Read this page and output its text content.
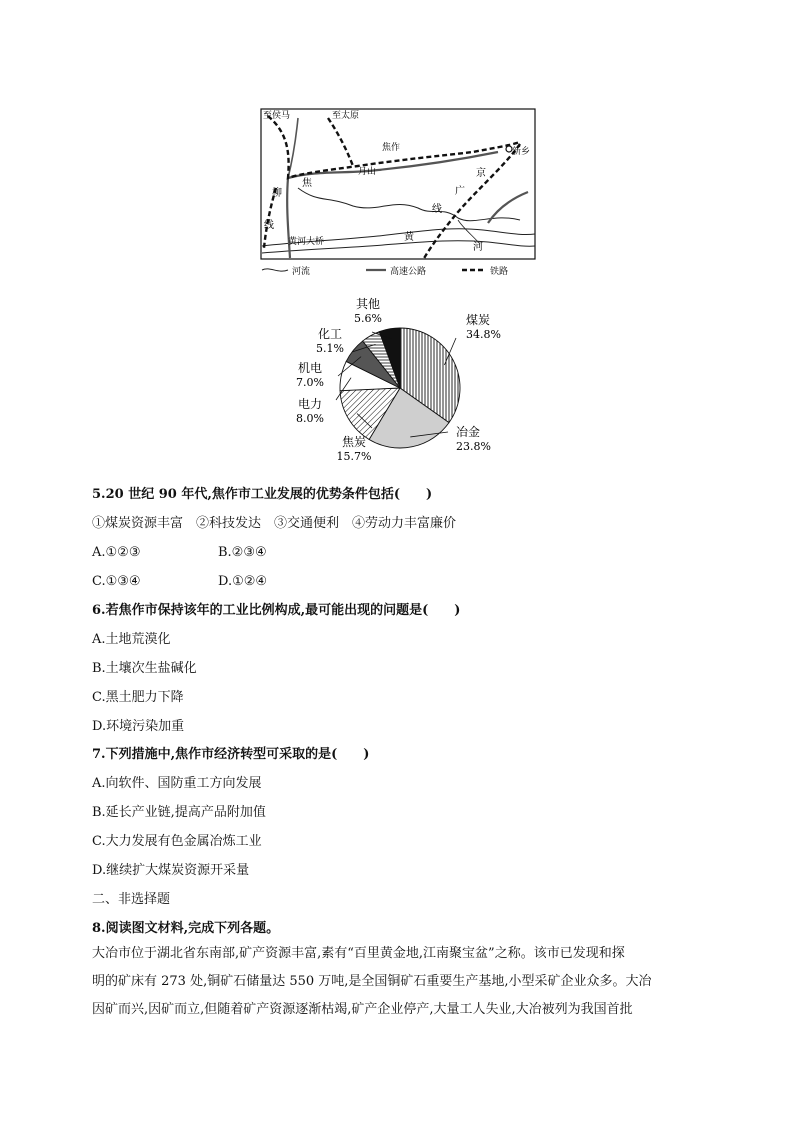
至侯马	至太原
焦作
月山
新乡
京
广
线
柳
焦
线
黄河大桥	黄
河
河流	高速公路	铁路
煤炭
34.8%
冶金
23.8%
焦炭
15.7%
电力
8.0%
机电
7.0%
化工
5.1%
其他
5.6%
5.20 世纪 90 年代,焦作市工业发展的优势条件包括(　　)
①煤炭资源丰富　②科技发达　③交通便利　④劳动力丰富廉价
A.①②③	B.②③④
C.①③④	D.①②④
6.若焦作市保持该年的工业比例构成,最可能出现的问题是(　　)
A.土地荒漠化
B.土壤次生盐碱化
C.黑土肥力下降
D.环境污染加重
7.下列措施中,焦作市经济转型可采取的是(　　)
A.向软件、国防重工方向发展
B.延长产业链,提高产品附加值
C.大力发展有色金属冶炼工业
D.继续扩大煤炭资源开采量
二、非选择题
8.阅读图文材料,完成下列各题。
大冶市位于湖北省东南部,矿产资源丰富,素有“百里黄金地,江南聚宝盆”之称。该市已发现和探
明的矿床有 273 处,铜矿石储量达 550 万吨,是全国铜矿石重要生产基地,小型采矿企业众多。大冶
因矿而兴,因矿而立,但随着矿产资源逐渐枯竭,矿产企业停产,大量工人失业,大冶被列为我国首批
